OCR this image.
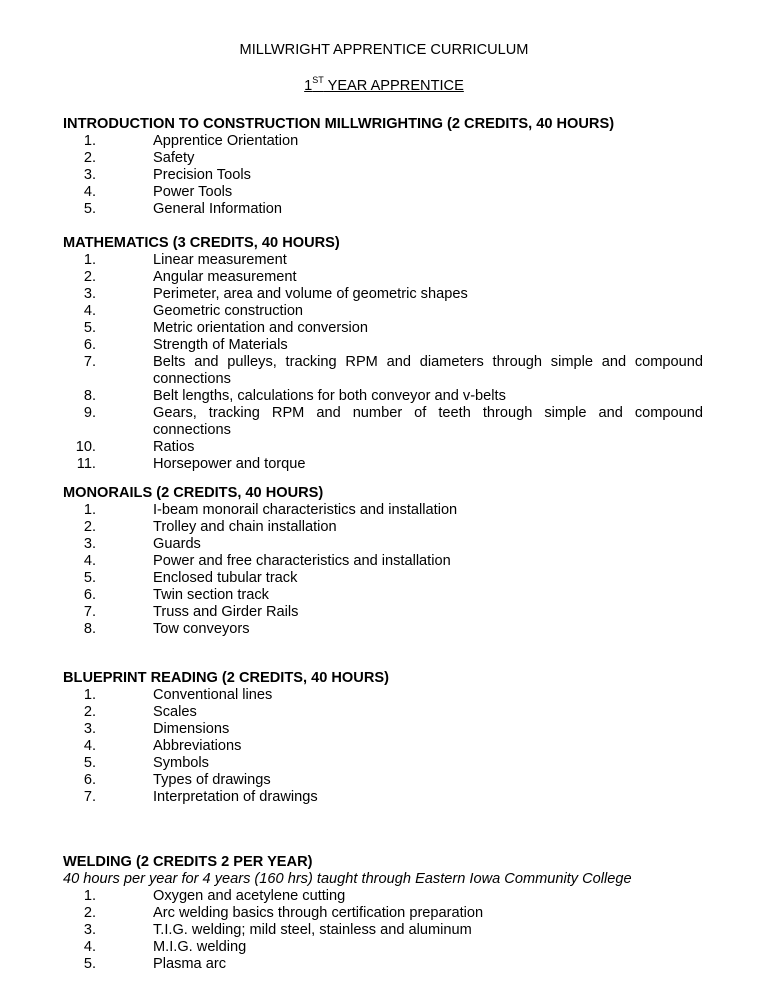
MILLWRIGHT APPRENTICE CURRICULUM
1ST YEAR APPRENTICE
INTRODUCTION TO CONSTRUCTION MILLWRIGHTING (2 CREDITS, 40 HOURS)
1.	Apprentice Orientation
2.	Safety
3.	Precision Tools
4.	Power Tools
5.	General Information
MATHEMATICS (3 CREDITS, 40 HOURS)
1.	Linear measurement
2.	Angular measurement
3.	Perimeter, area and volume of geometric shapes
4.	Geometric construction
5.	Metric orientation and conversion
6.	Strength of Materials
7.	Belts and pulleys, tracking RPM and diameters through simple and compound connections
8.	Belt lengths, calculations for both conveyor and v-belts
9.	Gears, tracking RPM and number of teeth through simple and compound connections
10.	Ratios
11.	Horsepower and torque
MONORAILS (2 CREDITS, 40 HOURS)
1.	I-beam monorail characteristics and installation
2.	Trolley and chain installation
3.	Guards
4.	Power and free characteristics and installation
5.	Enclosed tubular track
6.	Twin section track
7.	Truss and Girder Rails
8.	Tow conveyors
BLUEPRINT READING (2 CREDITS, 40 HOURS)
1.	Conventional lines
2.	Scales
3.	Dimensions
4.	Abbreviations
5.	Symbols
6.	Types of drawings
7.	Interpretation of drawings
WELDING (2 CREDITS 2 PER YEAR)
40 hours per year for 4 years (160 hrs) taught through Eastern Iowa Community College
1.	Oxygen and acetylene cutting
2.	Arc welding basics through certification preparation
3.	T.I.G. welding; mild steel, stainless and aluminum
4.	M.I.G. welding
5.	Plasma arc
